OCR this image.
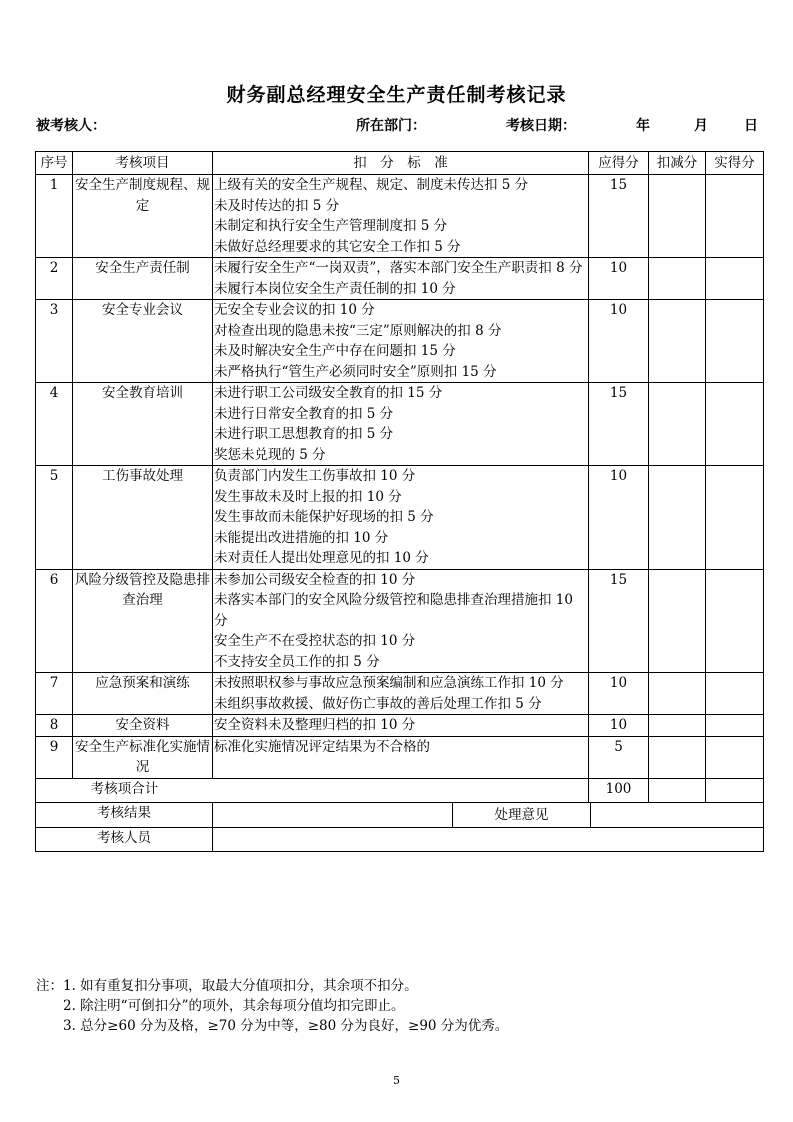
财务副总经理安全生产责任制考核记录
被考核人：	所在部门：	考核日期：	年	月	日
序号	考核项目	扣　分　标　准	应得分	扣减分	实得分
1	安全生产制度规程、规定	上级有关的安全生产规程、规定、制度未传达扣 5 分
未及时传达的扣 5 分
未制定和执行安全生产管理制度扣 5 分
未做好总经理要求的其它安全工作扣 5 分	15		
2	安全生产责任制	未履行安全生产“一岗双责”，落实本部门安全生产职责扣 8 分
未履行本岗位安全生产责任制的扣 10 分	10		
3	安全专业会议	无安全专业会议的扣 10 分
对检查出现的隐患未按“三定”原则解决的扣 8 分
未及时解决安全生产中存在问题扣 15 分
未严格执行“管生产必须同时安全”原则扣 15 分	10		
4	安全教育培训	未进行职工公司级安全教育的扣 15 分
未进行日常安全教育的扣 5 分
未进行职工思想教育的扣 5 分
奖惩未兑现的 5 分	15		
5	工伤事故处理	负责部门内发生工伤事故扣 10 分
发生事故未及时上报的扣 10 分
发生事故而未能保护好现场的扣 5 分
未能提出改进措施的扣 10 分
未对责任人提出处理意见的扣 10 分	10		
6	风险分级管控及隐患排查治理	未参加公司级安全检查的扣 10 分
未落实本部门的安全风险分级管控和隐患排查治理措施扣 10 分
安全生产不在受控状态的扣 10 分
不支持安全员工作的扣 5 分	15		
7	应急预案和演练	未按照职权参与事故应急预案编制和应急演练工作扣 10 分
未组织事故救援、做好伤亡事故的善后处理工作扣 5 分	10		
8	安全资料	安全资料未及整理归档的扣 10 分	10		
9	安全生产标准化实施情况	标准化实施情况评定结果为不合格的	5		

考核项合计			100		
考核结果		处理意见			

考核人员					
注：1. 如有重复扣分事项，取最大分值项扣分，其余项不扣分。
　　2. 除注明“可倒扣分”的项外，其余每项分值均扣完即止。
　　3. 总分≥60 分为及格，≥70 分为中等，≥80 分为良好，≥90 分为优秀。
5
